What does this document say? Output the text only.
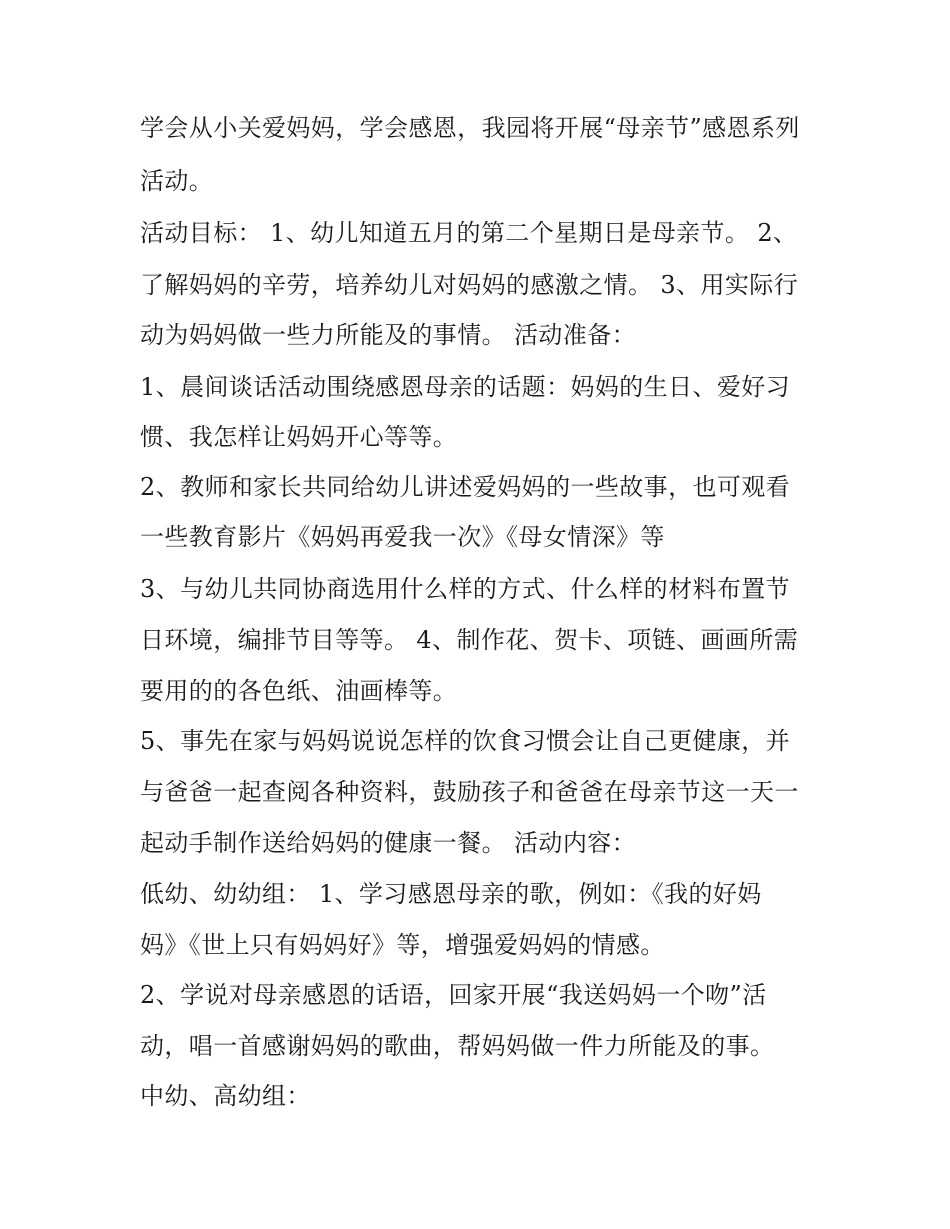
学会从小关爱妈妈，学会感恩，我园将开展“母亲节”感恩系列
活动。
活动目标： 1、幼儿知道五月的第二个星期日是母亲节。 2、
了解妈妈的辛劳，培养幼儿对妈妈的感激之情。 3、用实际行
动为妈妈做一些力所能及的事情。 活动准备：
1、晨间谈话活动围绕感恩母亲的话题：妈妈的生日、爱好习
惯、我怎样让妈妈开心等等。
2、教师和家长共同给幼儿讲述爱妈妈的一些故事，也可观看
一些教育影片《妈妈再爱我一次》《母女情深》等
3、与幼儿共同协商选用什么样的方式、什么样的材料布置节
日环境，编排节目等等。 4、制作花、贺卡、项链、画画所需
要用的的各色纸、油画棒等。
5、事先在家与妈妈说说怎样的饮食习惯会让自己更健康，并
与爸爸一起查阅各种资料，鼓励孩子和爸爸在母亲节这一天一
起动手制作送给妈妈的健康一餐。 活动内容：
低幼、幼幼组： 1、学习感恩母亲的歌，例如：《我的好妈
妈》《世上只有妈妈好》等，增强爱妈妈的情感。
2、学说对母亲感恩的话语，回家开展“我送妈妈一个吻”活
动，唱一首感谢妈妈的歌曲，帮妈妈做一件力所能及的事。
中幼、高幼组：
